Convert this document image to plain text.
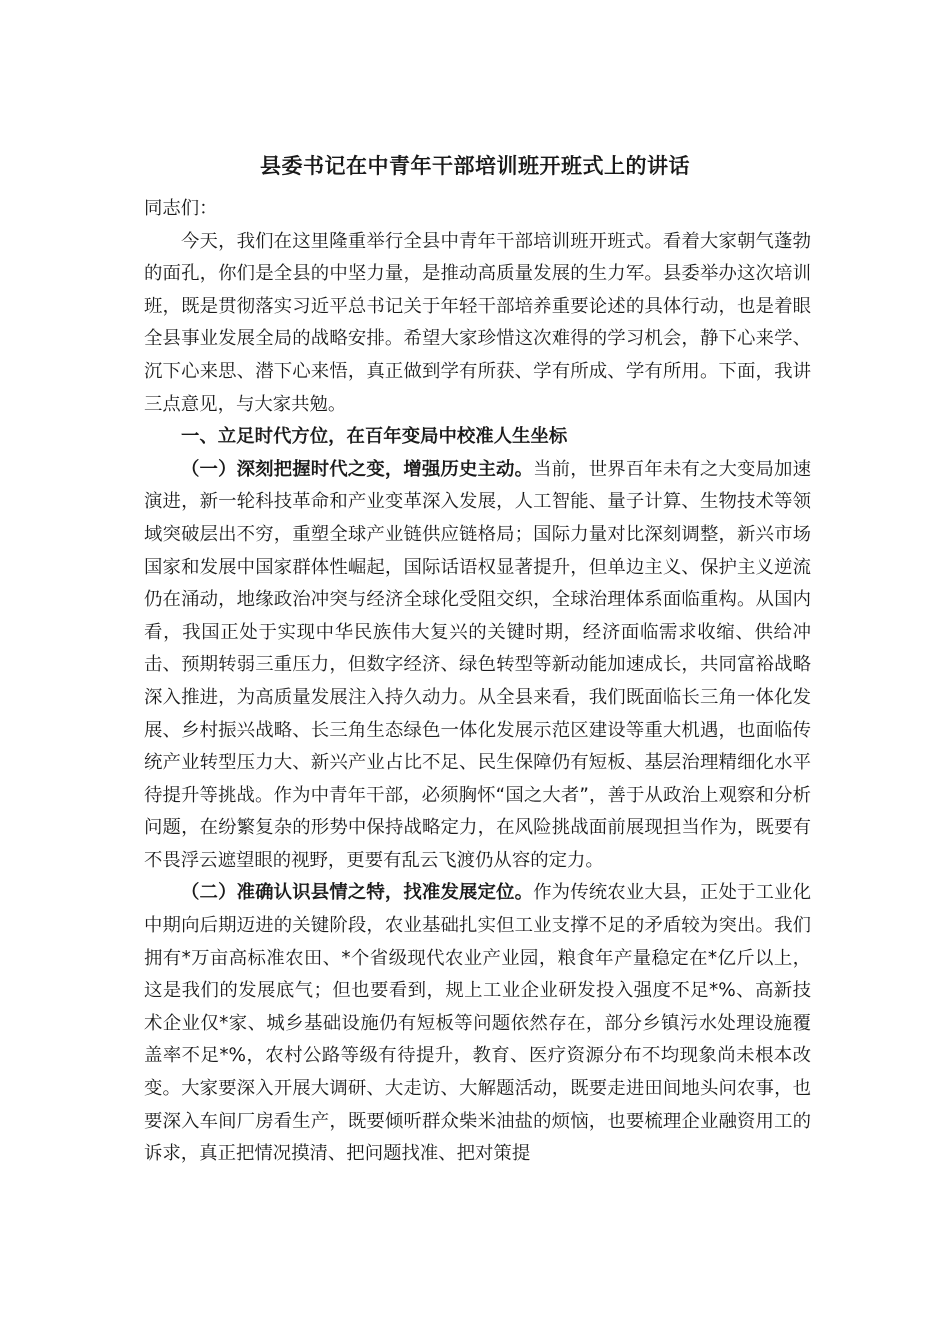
县委书记在中青年干部培训班开班式上的讲话

同志们：

今天，我们在这里隆重举行全县中青年干部培训班开班式。看着大家朝气蓬勃的面孔，你们是全县的中坚力量，是推动高质量发展的生力军。县委举办这次培训班，既是贯彻落实习近平总书记关于年轻干部培养重要论述的具体行动，也是着眼全县事业发展全局的战略安排。希望大家珍惜这次难得的学习机会，静下心来学、沉下心来思、潜下心来悟，真正做到学有所获、学有所成、学有所用。下面，我讲三点意见，与大家共勉。

一、立足时代方位，在百年变局中校准人生坐标

（一）深刻把握时代之变，增强历史主动。当前，世界百年未有之大变局加速演进，新一轮科技革命和产业变革深入发展，人工智能、量子计算、生物技术等领域突破层出不穷，重塑全球产业链供应链格局；国际力量对比深刻调整，新兴市场国家和发展中国家群体性崛起，国际话语权显著提升，但单边主义、保护主义逆流仍在涌动，地缘政治冲突与经济全球化受阻交织，全球治理体系面临重构。从国内看，我国正处于实现中华民族伟大复兴的关键时期，经济面临需求收缩、供给冲击、预期转弱三重压力，但数字经济、绿色转型等新动能加速成长，共同富裕战略深入推进，为高质量发展注入持久动力。从全县来看，我们既面临长三角一体化发展、乡村振兴战略、长三角生态绿色一体化发展示范区建设等重大机遇，也面临传统产业转型压力大、新兴产业占比不足、民生保障仍有短板、基层治理精细化水平待提升等挑战。作为中青年干部，必须胸怀“国之大者”，善于从政治上观察和分析问题，在纷繁复杂的形势中保持战略定力，在风险挑战面前展现担当作为，既要有不畏浮云遮望眼的视野，更要有乱云飞渡仍从容的定力。

（二）准确认识县情之特，找准发展定位。作为传统农业大县，正处于工业化中期向后期迈进的关键阶段，农业基础扎实但工业支撑不足的矛盾较为突出。我们拥有*万亩高标准农田、*个省级现代农业产业园，粮食年产量稳定在*亿斤以上，这是我们的发展底气；但也要看到，规上工业企业研发投入强度不足*%、高新技术企业仅*家、城乡基础设施仍有短板等问题依然存在，部分乡镇污水处理设施覆盖率不足*%，农村公路等级有待提升，教育、医疗资源分布不均现象尚未根本改变。大家要深入开展大调研、大走访、大解题活动，既要走进田间地头问农事，也要深入车间厂房看生产，既要倾听群众柴米油盐的烦恼，也要梳理企业融资用工的诉求，真正把情况摸清、把问题找准、把对策提
